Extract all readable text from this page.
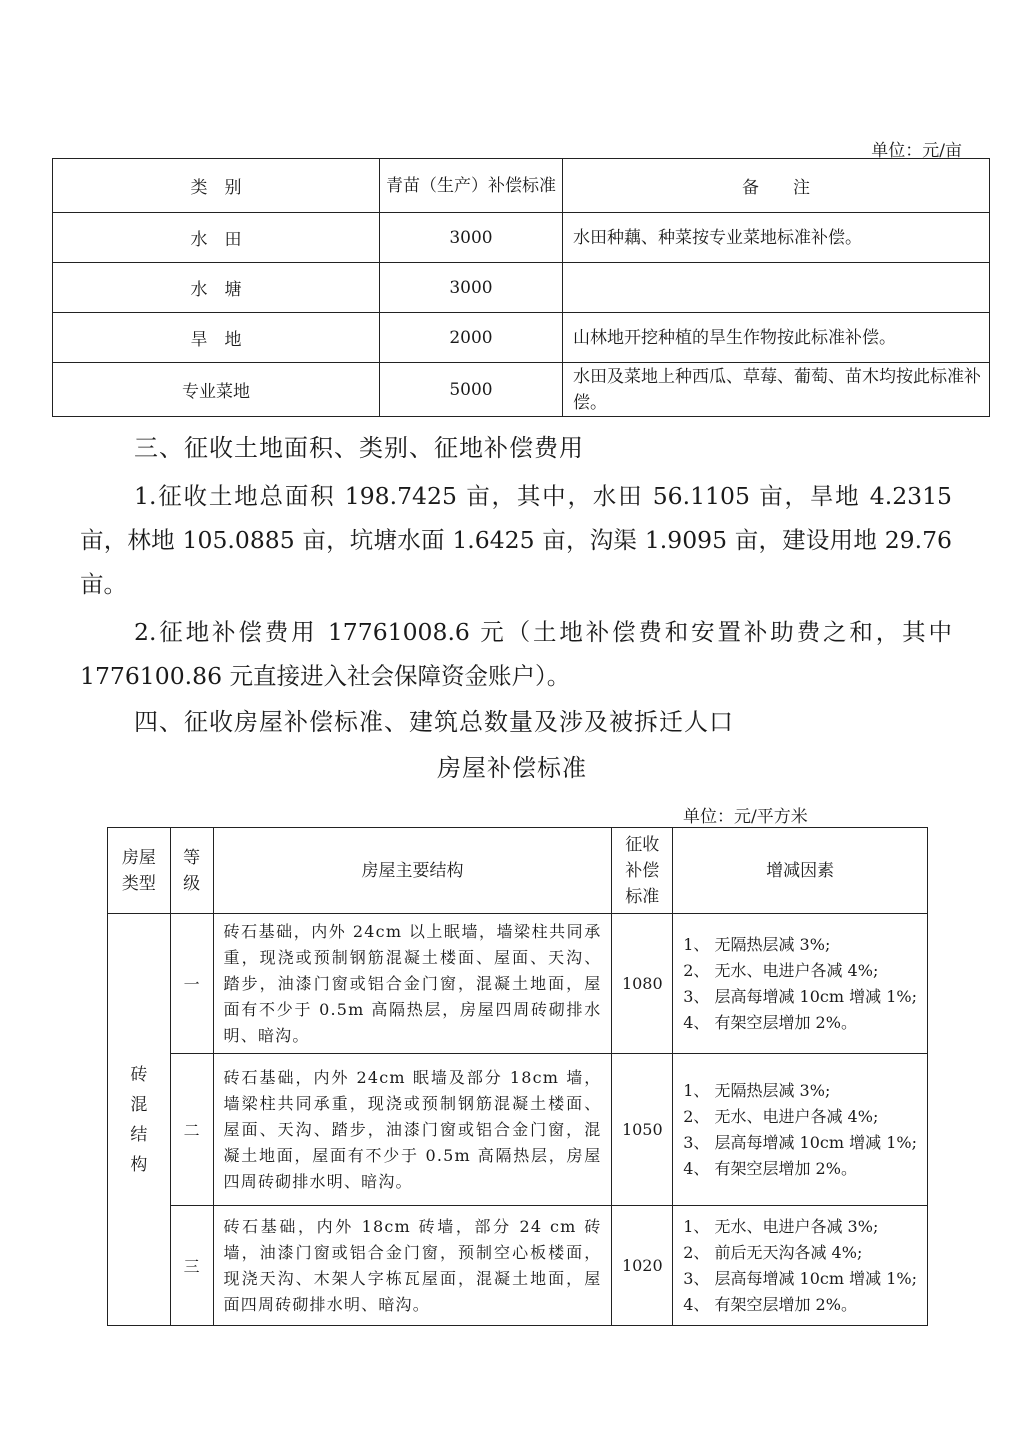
单位：元/亩
类　别	青苗（生产）补偿标准	备　　注
水　田	3000	水田种藕、种菜按专业菜地标准补偿。
水　塘	3000	
旱　地	2000	山林地开挖种植的旱生作物按此标准补偿。
专业菜地	5000	水田及菜地上种西瓜、草莓、葡萄、苗木均按此标准补偿。
三、征收土地面积、类别、征地补偿费用
1.征收土地总面积 198.7425 亩，其中，水田 56.1105 亩，旱地 4.2315 亩，林地 105.0885 亩，坑塘水面 1.6425 亩，沟渠 1.9095 亩，建设用地 29.76 亩。
2.征地补偿费用 17761008.6 元（土地补偿费和安置补助费之和，其中 1776100.86 元直接进入社会保障资金账户）。
四、征收房屋补偿标准、建筑总数量及涉及被拆迁人口
房屋补偿标准
单位：元/平方米
房屋类型	等级	房屋主要结构	征收补偿标准	增减因素
砖混结构	一	砖石基础，内外 24cm 以上眠墙，墙梁柱共同承重，现浇或预制钢筋混凝土楼面、屋面、天沟、踏步，油漆门窗或铝合金门窗，混凝土地面，屋面有不少于 0.5m 高隔热层，房屋四周砖砌排水明、暗沟。	1080	1、 无隔热层减 3%;
2、 无水、电进户各减 4%;
3、 层高每增减 10cm 增减 1%;
4、 有架空层增加 2%。

	二	砖石基础，内外 24cm 眠墙及部分 18cm 墙，墙梁柱共同承重，现浇或预制钢筋混凝土楼面、屋面、天沟、踏步，油漆门窗或铝合金门窗，混凝土地面，屋面有不少于 0.5m 高隔热层，房屋四周砖砌排水明、暗沟。	1050	1、 无隔热层减 3%;
2、 无水、电进户各减 4%;
3、 层高每增减 10cm 增减 1%;
4、 有架空层增加 2%。

	三	砖石基础，内外 18cm 砖墙，部分 24 cm 砖墙，油漆门窗或铝合金门窗，预制空心板楼面，现浇天沟、木架人字栋瓦屋面，混凝土地面，屋面四周砖砌排水明、暗沟。	1020	1、 无水、电进户各减 3%;
2、 前后无天沟各减 4%;
3、 层高每增减 10cm 增减 1%;
4、 有架空层增加 2%。
